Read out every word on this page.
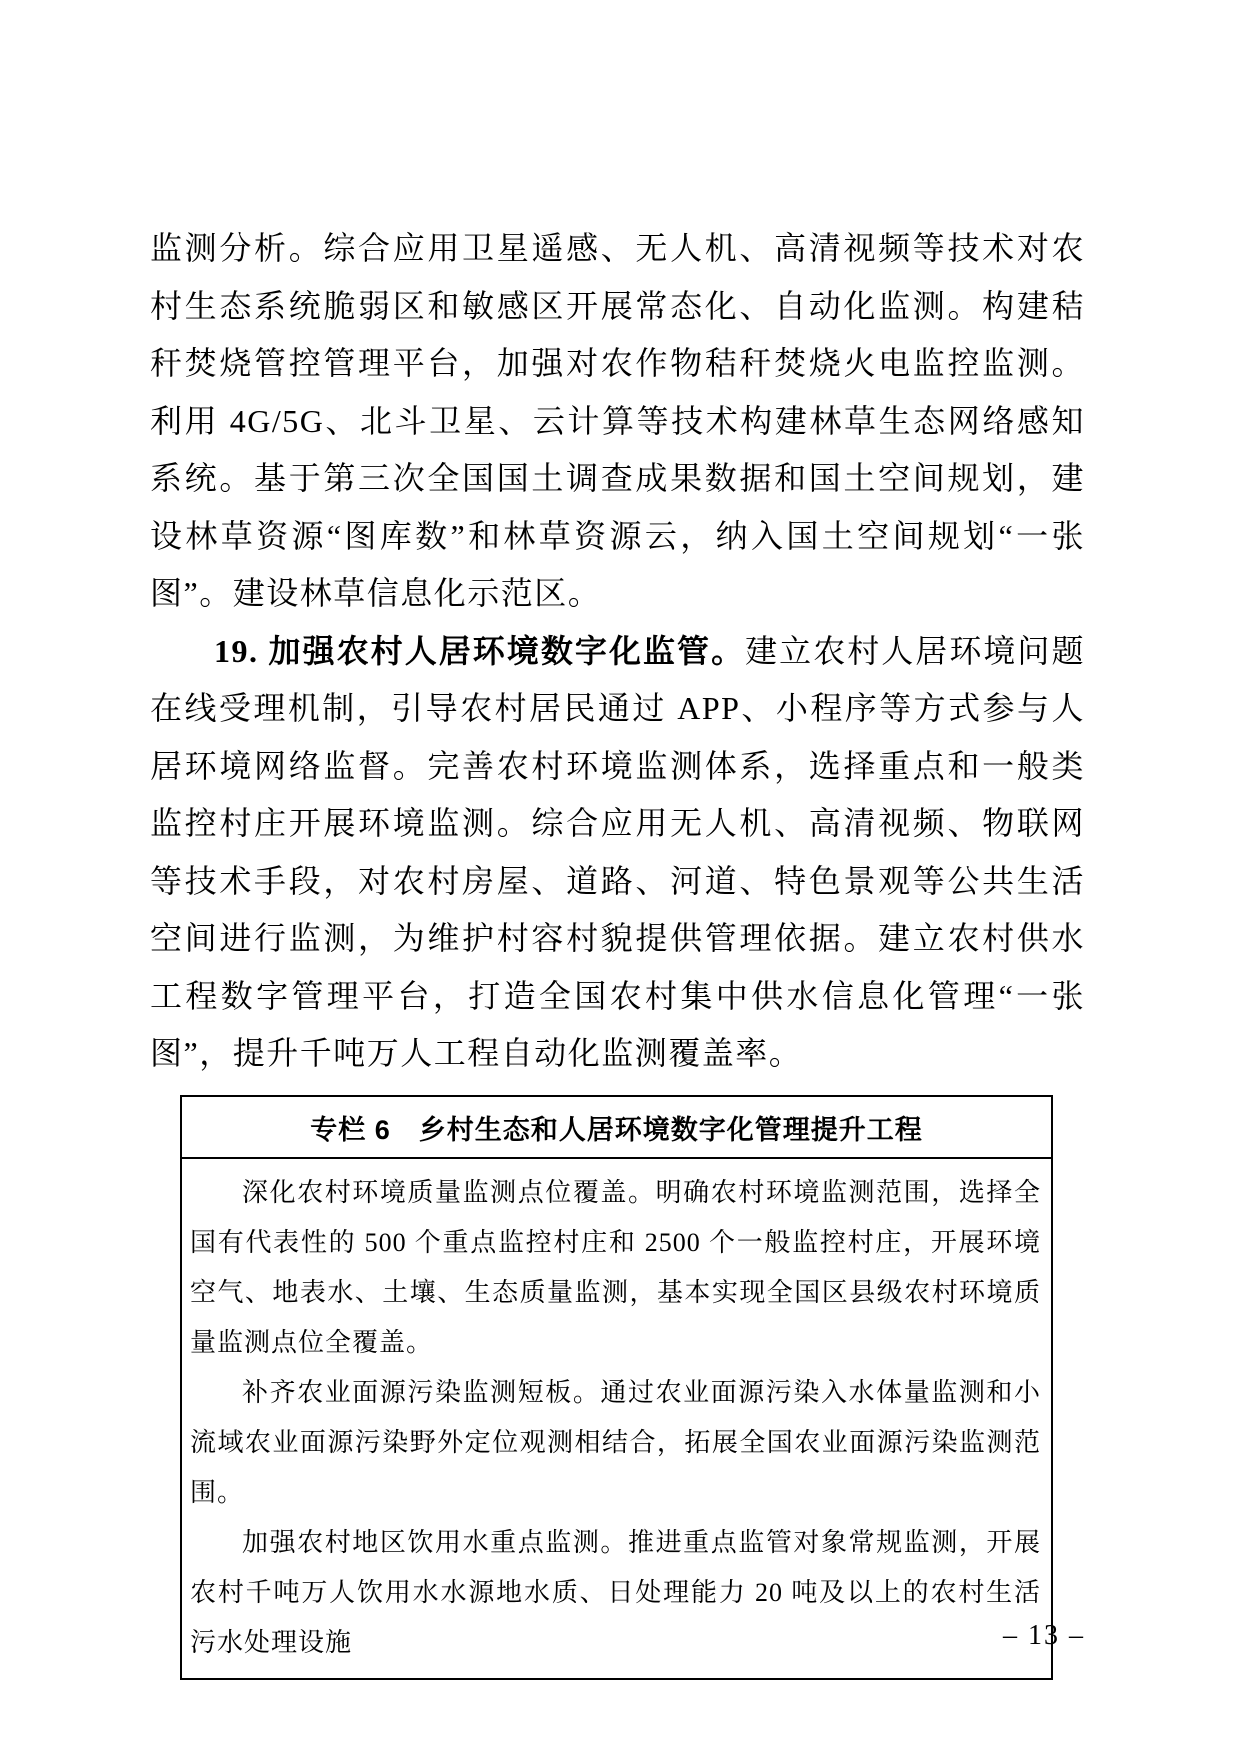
监测分析。综合应用卫星遥感、无人机、高清视频等技术对农村生态系统脆弱区和敏感区开展常态化、自动化监测。构建秸秆焚烧管控管理平台，加强对农作物秸秆焚烧火电监控监测。利用 4G/5G、北斗卫星、云计算等技术构建林草生态网络感知系统。基于第三次全国国土调查成果数据和国土空间规划，建设林草资源“图库数”和林草资源云，纳入国土空间规划“一张图”。建设林草信息化示范区。

19. 加强农村人居环境数字化监管。建立农村人居环境问题在线受理机制，引导农村居民通过 APP、小程序等方式参与人居环境网络监督。完善农村环境监测体系，选择重点和一般类监控村庄开展环境监测。综合应用无人机、高清视频、物联网等技术手段，对农村房屋、道路、河道、特色景观等公共生活空间进行监测，为维护村容村貌提供管理依据。建立农村供水工程数字管理平台，打造全国农村集中供水信息化管理“一张图”，提升千吨万人工程自动化监测覆盖率。

专栏 6　乡村生态和人居环境数字化管理提升工程

深化农村环境质量监测点位覆盖。明确农村环境监测范围，选择全国有代表性的 500 个重点监控村庄和 2500 个一般监控村庄，开展环境空气、地表水、土壤、生态质量监测，基本实现全国区县级农村环境质量监测点位全覆盖。

补齐农业面源污染监测短板。通过农业面源污染入水体量监测和小流域农业面源污染野外定位观测相结合，拓展全国农业面源污染监测范围。

加强农村地区饮用水重点监测。推进重点监管对象常规监测，开展农村千吨万人饮用水水源地水质、日处理能力 20 吨及以上的农村生活污水处理设施	– 13 –
